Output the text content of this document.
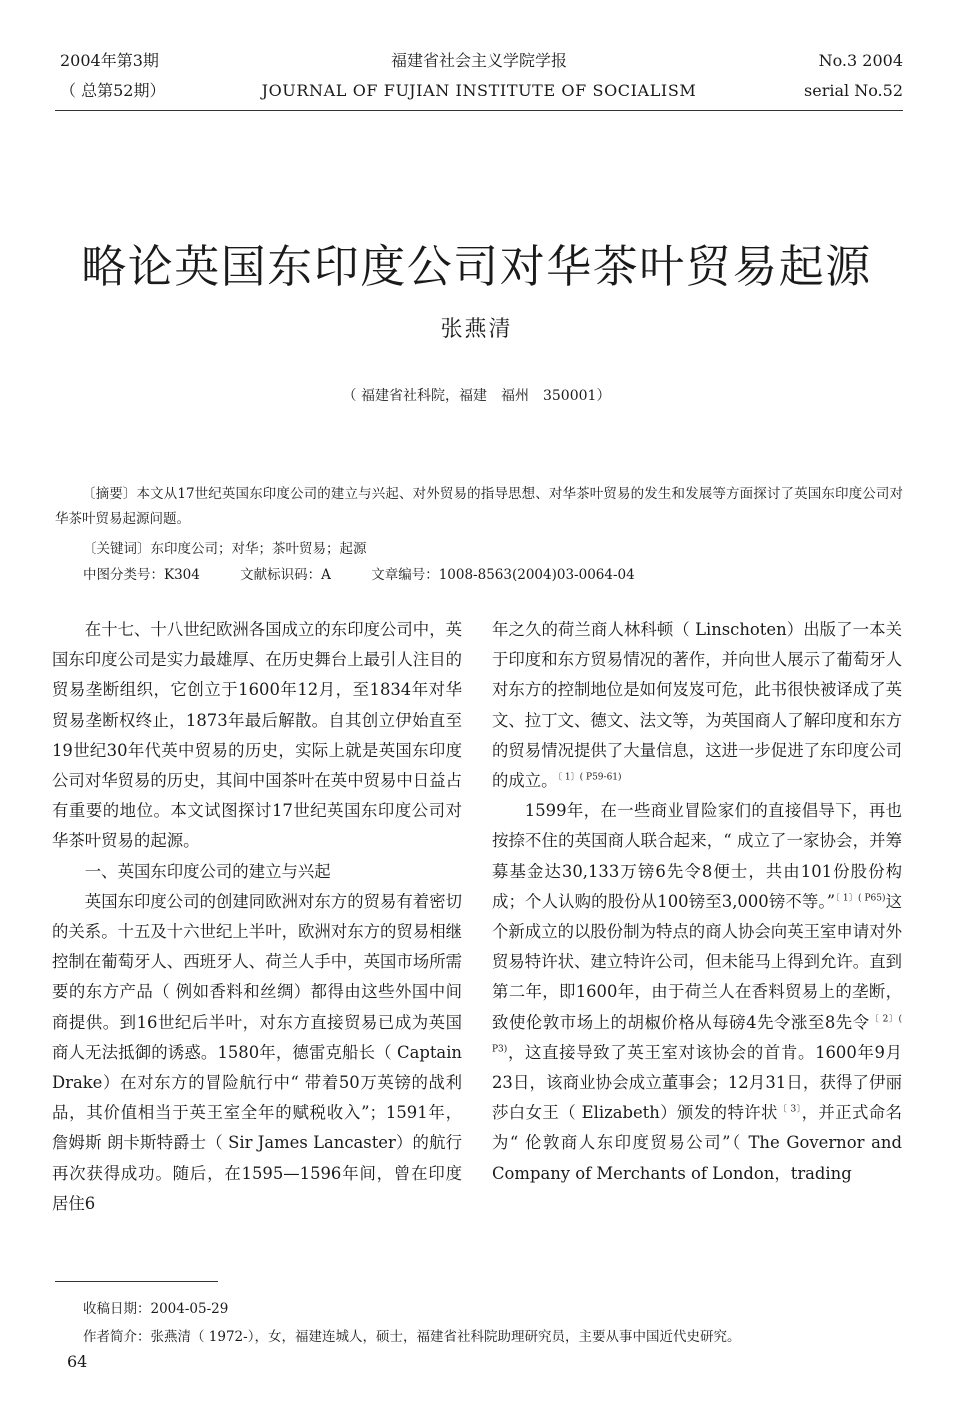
2004年第3期
（ 总第52期）
福建省社会主义学院学报
JOURNAL OF FUJIAN INSTITUTE OF SOCIALISM
No.3 2004
serial No.52
略论英国东印度公司对华茶叶贸易起源
张燕清
（ 福建省社科院，福建　福州　350001）
〔摘要〕本文从17世纪英国东印度公司的建立与兴起、对外贸易的指导思想、对华茶叶贸易的发生和发展等方面探讨了英国东印度公司对华茶叶贸易起源问题。
〔关键词〕东印度公司；对华；茶叶贸易；起源
中图分类号：K304	文献标识码：A	文章编号：1008-8563(2004)03-0064-04

在十七、十八世纪欧洲各国成立的东印度公司中，英国东印度公司是实力最雄厚、在历史舞台上最引人注目的贸易垄断组织，它创立于1600年12月，至1834年对华贸易垄断权终止，1873年最后解散。自其创立伊始直至19世纪30年代英中贸易的历史，实际上就是英国东印度公司对华贸易的历史，其间中国茶叶在英中贸易中日益占有重要的地位。本文试图探讨17世纪英国东印度公司对华茶叶贸易的起源。

一、英国东印度公司的建立与兴起

英国东印度公司的创建同欧洲对东方的贸易有着密切的关系。十五及十六世纪上半叶，欧洲对东方的贸易相继控制在葡萄牙人、西班牙人、荷兰人手中，英国市场所需要的东方产品（ 例如香料和丝绸）都得由这些外国中间商提供。到16世纪后半叶，对东方直接贸易已成为英国商人无法抵御的诱惑。1580年，德雷克船长（ Captain Drake）在对东方的冒险航行中“ 带着50万英镑的战利品，其价值相当于英王室全年的赋税收入”；1591年，詹姆斯 朗卡斯特爵士（ Sir James Lancaster）的航行再次获得成功。随后，在1595—1596年间，曾在印度居住6

年之久的荷兰商人林科顿（ Linschoten）出版了一本关于印度和东方贸易情况的著作，并向世人展示了葡萄牙人对东方的控制地位是如何岌岌可危，此书很快被译成了英文、拉丁文、德文、法文等，为英国商人了解印度和东方的贸易情况提供了大量信息，这进一步促进了东印度公司的成立。$^{〔 1〕( P59-61)}$

1599年，在一些商业冒险家们的直接倡导下，再也按捺不住的英国商人联合起来，“ 成立了一家协会，并筹募基金达30,133万镑6先令8便士，共由101份股份构成；个人认购的股份从100镑至3,000镑不等。”$^{〔 1〕( P65)}$这个新成立的以股份制为特点的商人协会向英王室申请对外贸易特许状、建立特许公司，但未能马上得到允许。直到第二年，即1600年，由于荷兰人在香料贸易上的垄断，致使伦敦市场上的胡椒价格从每磅4先令涨至8先令$^{〔 2〕( P3)}$，这直接导致了英王室对该协会的首肯。1600年9月23日，该商业协会成立董事会；12月31日，获得了伊丽莎白女王（ Elizabeth）颁发的特许状$^{〔 3〕}$，并正式命名为“ 伦敦商人东印度贸易公司”（ The Governor and Company of Merchants of London，trading

收稿日期：2004-05-29
作者简介：张燕清（ 1972-），女，福建连城人，硕士，福建省社科院助理研究员，主要从事中国近代史研究。
64
